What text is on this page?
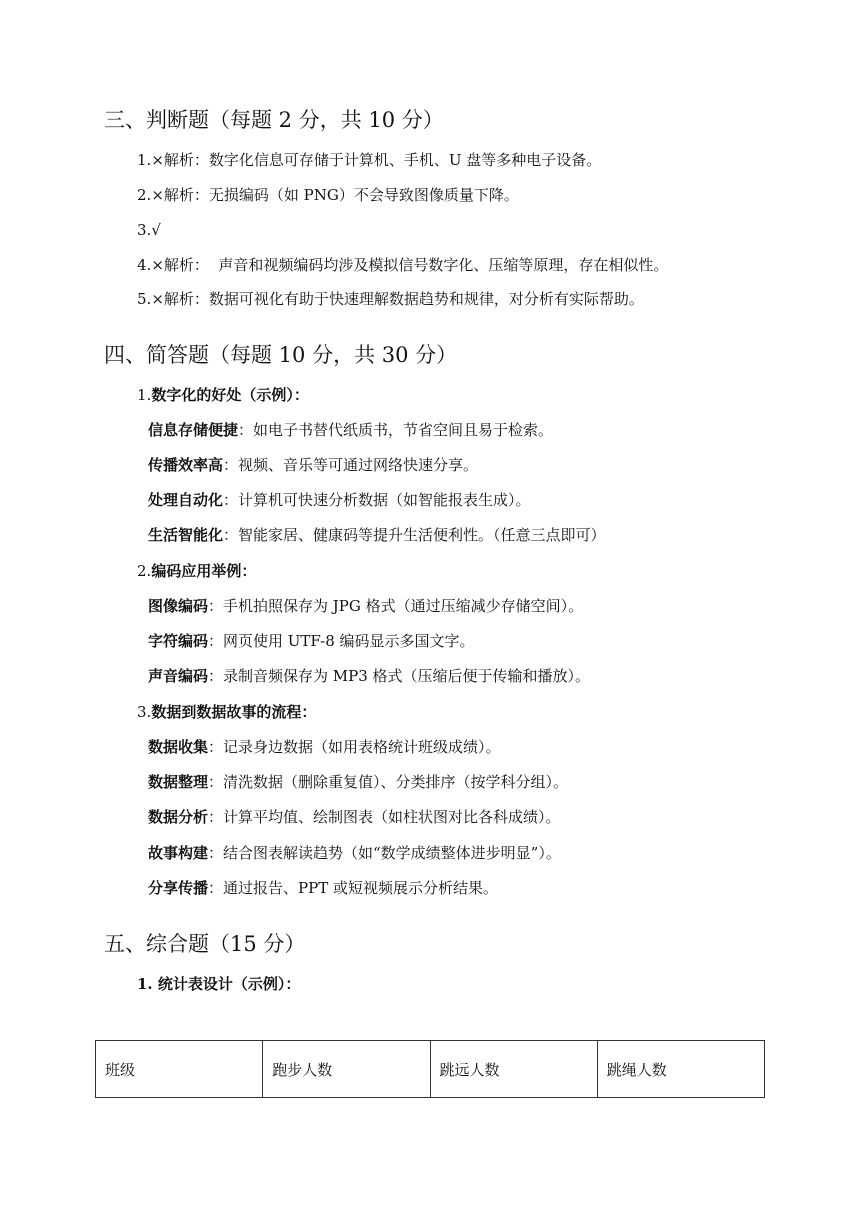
三、判断题（每题 2 分，共 10 分）
1.×解析：数字化信息可存储于计算机、手机、U 盘等多种电子设备。
2.×解析：无损编码（如 PNG）不会导致图像质量下降。
3.√
4.×解析：  声音和视频编码均涉及模拟信号数字化、压缩等原理，存在相似性。
5.×解析：数据可视化有助于快速理解数据趋势和规律，对分析有实际帮助。
四、简答题（每题 10 分，共 30 分）
1.数字化的好处（示例）：
信息存储便捷：如电子书替代纸质书，节省空间且易于检索。
传播效率高：视频、音乐等可通过网络快速分享。
处理自动化：计算机可快速分析数据（如智能报表生成）。
生活智能化：智能家居、健康码等提升生活便利性。（任意三点即可）
2.编码应用举例：
图像编码：手机拍照保存为 JPG 格式（通过压缩减少存储空间）。
字符编码：网页使用 UTF-8 编码显示多国文字。
声音编码：录制音频保存为 MP3 格式（压缩后便于传输和播放）。
3.数据到数据故事的流程：
数据收集：记录身边数据（如用表格统计班级成绩）。
数据整理：清洗数据（删除重复值）、分类排序（按学科分组）。
数据分析：计算平均值、绘制图表（如柱状图对比各科成绩）。
故事构建：结合图表解读趋势（如“数学成绩整体进步明显”）。
分享传播：通过报告、PPT 或短视频展示分析结果。
五、综合题（15 分）
1. 统计表设计（示例）：
班级	跑步人数	跳远人数	跳绳人数
